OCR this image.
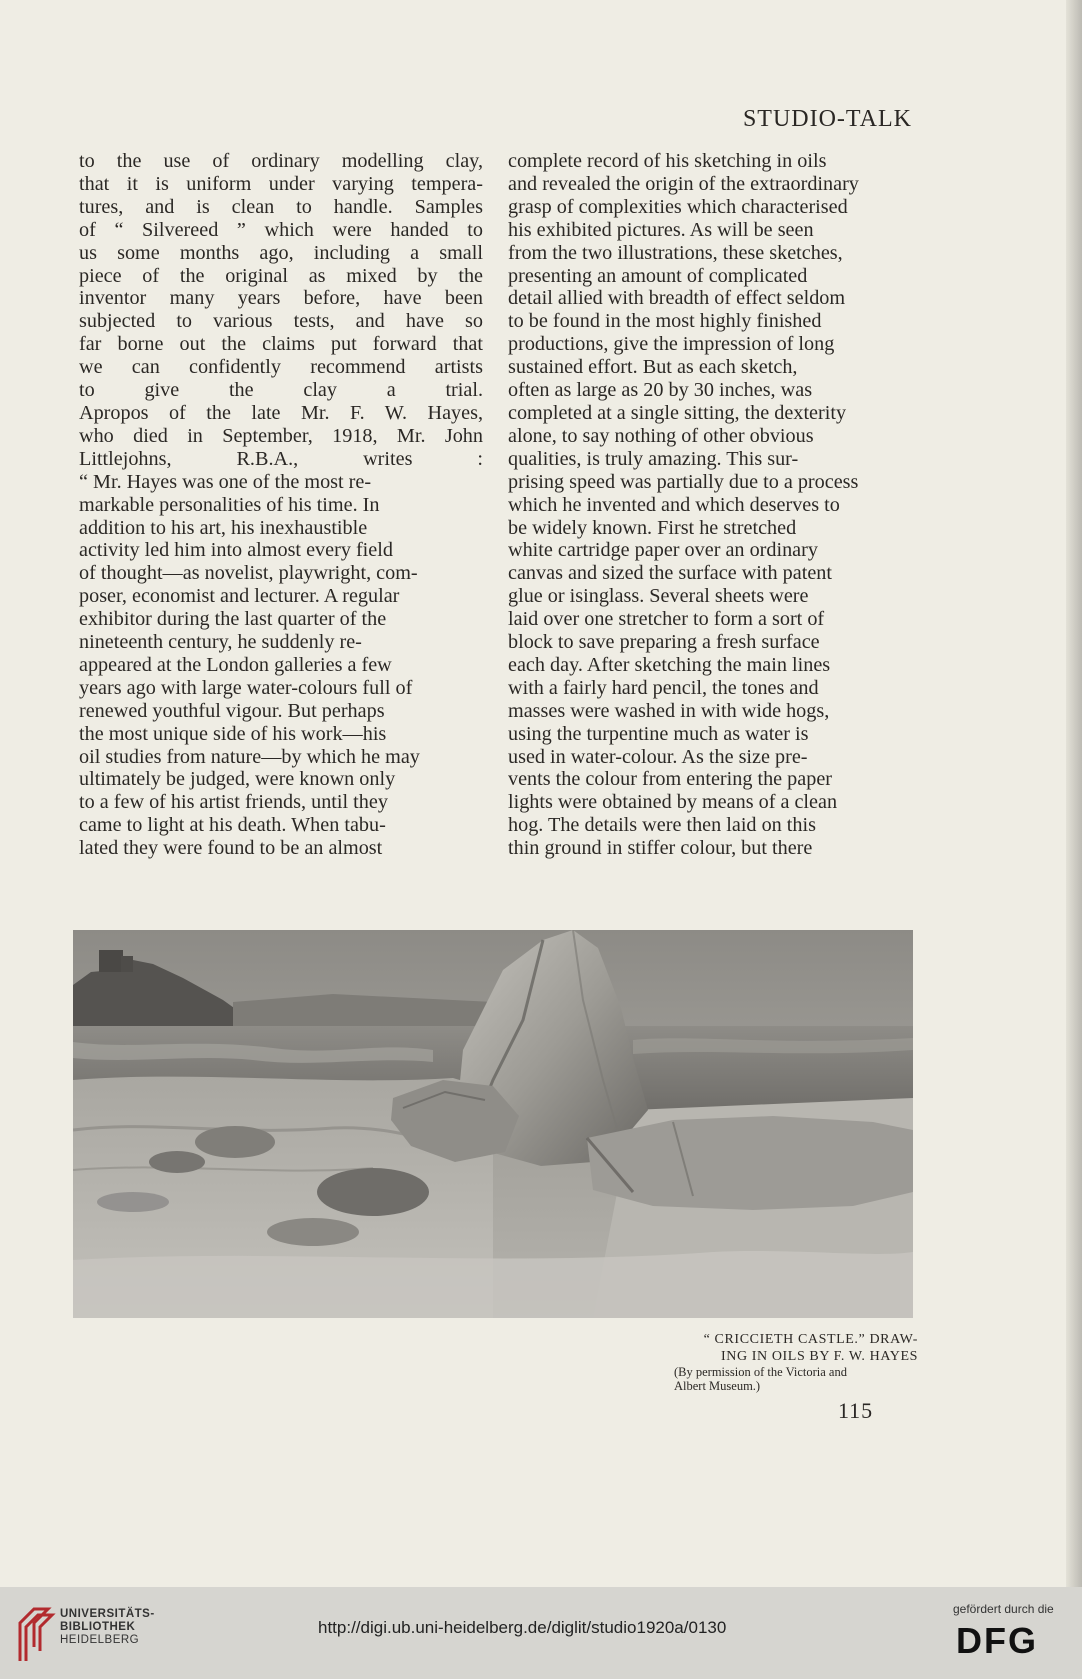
STUDIO-TALK

to the use of ordinary modelling clay,
that it is uniform under varying tempera-
tures, and is clean to handle. Samples
of “ Silvereed ” which were handed to
us some months ago, including a small
piece of the original as mixed by the
inventor many years before, have been
subjected to various tests, and have so
far borne out the claims put forward that
we can confidently recommend artists
to give the clay a trial.

Apropos of the late Mr. F. W. Hayes,
who died in September, 1918, Mr. John
Littlejohns, R.B.A., writes :

“ Mr. Hayes was one of the most re-
markable personalities of his time. In
addition to his art, his inexhaustible
activity led him into almost every field
of thought—as novelist, playwright, com-
poser, economist and lecturer. A regular
exhibitor during the last quarter of the
nineteenth century, he suddenly re-
appeared at the London galleries a few
years ago with large water-colours full of
renewed youthful vigour. But perhaps
the most unique side of his work—his
oil studies from nature—by which he may
ultimately be judged, were known only
to a few of his artist friends, until they
came to light at his death. When tabu-
lated they were found to be an almost

complete record of his sketching in oils
and revealed the origin of the extraordinary
grasp of complexities which characterised
his exhibited pictures. As will be seen
from the two illustrations, these sketches,
presenting an amount of complicated
detail allied with breadth of effect seldom
to be found in the most highly finished
productions, give the impression of long
sustained effort. But as each sketch,
often as large as 20 by 30 inches, was
completed at a single sitting, the dexterity
alone, to say nothing of other obvious
qualities, is truly amazing. This sur-
prising speed was partially due to a process
which he invented and which deserves to
be widely known. First he stretched
white cartridge paper over an ordinary
canvas and sized the surface with patent
glue or isinglass. Several sheets were
laid over one stretcher to form a sort of
block to save preparing a fresh surface
each day. After sketching the main lines
with a fairly hard pencil, the tones and
masses were washed in with wide hogs,
using the turpentine much as water is
used in water-colour. As the size pre-
vents the colour from entering the paper
lights were obtained by means of a clean
hog. The details were then laid on this
thin ground in stiffer colour, but there

“ CRICCIETH CASTLE.” DRAW-
ING IN OILS BY F. W. HAYES
(By permission of the Victoria and
Albert Museum.)
115
UNIVERSITÄTS-
BIBLIOTHEK
HEIDELBERG
http://digi.ub.uni-heidelberg.de/diglit/studio1920a/0130
gefördert durch die
DFG
